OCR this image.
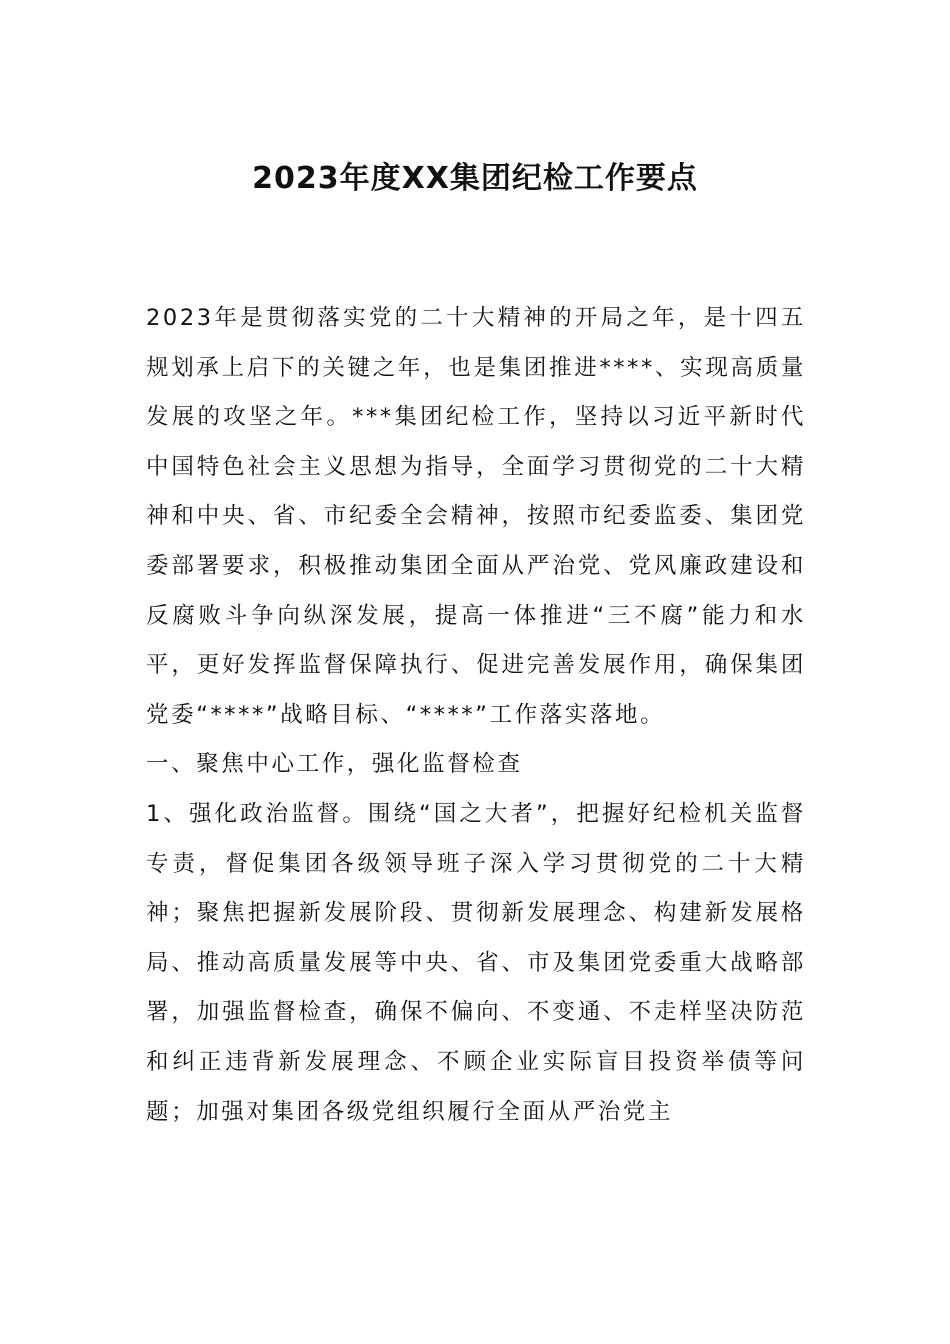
2023年度XX集团纪检工作要点

2023年是贯彻落实党的二十大精神的开局之年，是十四五规划承上启下的关键之年，也是集团推进****、实现高质量发展的攻坚之年。***集团纪检工作，坚持以习近平新时代中国特色社会主义思想为指导，全面学习贯彻党的二十大精神和中央、省、市纪委全会精神，按照市纪委监委、集团党委部署要求，积极推动集团全面从严治党、党风廉政建设和反腐败斗争向纵深发展，提高一体推进“三不腐”能力和水平，更好发挥监督保障执行、促进完善发展作用，确保集团党委“****”战略目标、“****”工作落实落地。

一、聚焦中心工作，强化监督检查

1、强化政治监督。围绕“国之大者”，把握好纪检机关监督专责，督促集团各级领导班子深入学习贯彻党的二十大精神；聚焦把握新发展阶段、贯彻新发展理念、构建新发展格局、推动高质量发展等中央、省、市及集团党委重大战略部署，加强监督检查，确保不偏向、不变通、不走样坚决防范和纠正违背新发展理念、不顾企业实际盲目投资举债等问题；加强对集团各级党组织履行全面从严治党主
